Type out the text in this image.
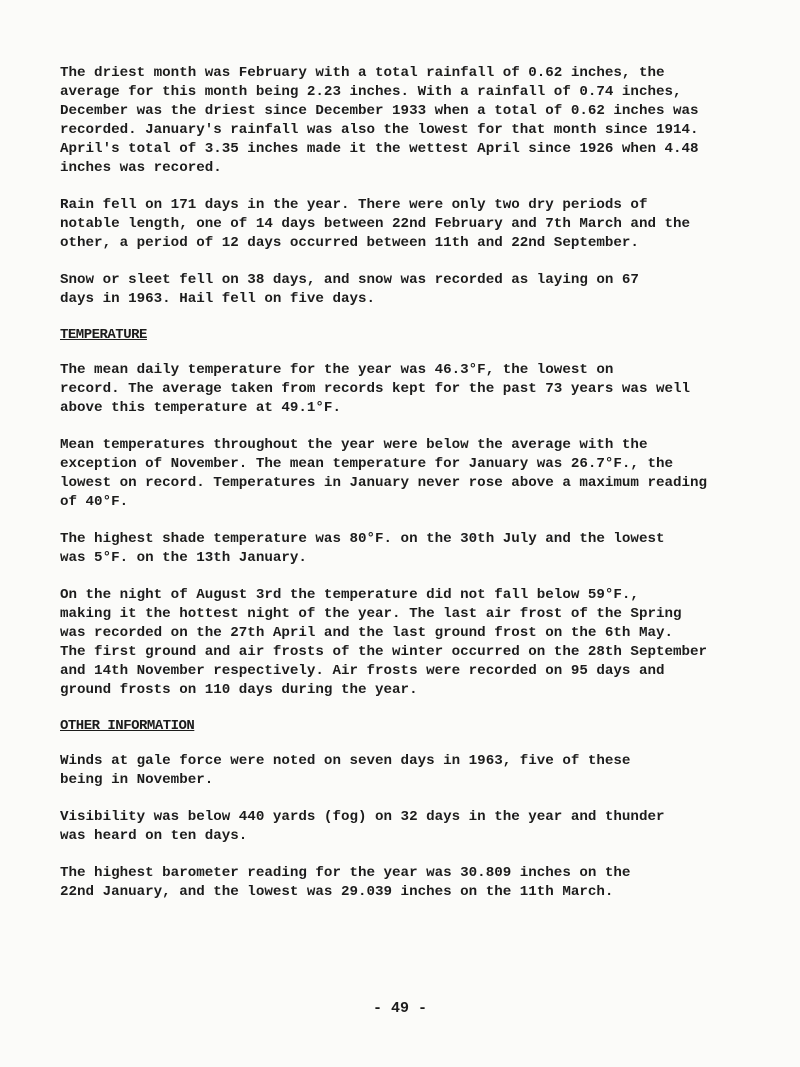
The driest month was February with a total rainfall of 0.62 inches, the
average for this month being 2.23 inches. With a rainfall of 0.74 inches,
December was the driest since December 1933 when a total of 0.62 inches was
recorded. January's rainfall was also the lowest for that month since 1914.
April's total of 3.35 inches made it the wettest April since 1926 when 4.48
inches was recored.

Rain fell on 171 days in the year. There were only two dry periods of
notable length, one of 14 days between 22nd February and 7th March and the
other, a period of 12 days occurred between 11th and 22nd September.

Snow or sleet fell on 38 days, and snow was recorded as laying on 67
days in 1963. Hail fell on five days.

TEMPERATURE

The mean daily temperature for the year was 46.3°F, the lowest on
record. The average taken from records kept for the past 73 years was well
above this temperature at 49.1°F.

Mean temperatures throughout the year were below the average with the
exception of November. The mean temperature for January was 26.7°F., the
lowest on record. Temperatures in January never rose above a maximum reading
of 40°F.

The highest shade temperature was 80°F. on the 30th July and the lowest
was 5°F. on the 13th January.

On the night of August 3rd the temperature did not fall below 59°F.,
making it the hottest night of the year. The last air frost of the Spring
was recorded on the 27th April and the last ground frost on the 6th May.
The first ground and air frosts of the winter occurred on the 28th September
and 14th November respectively. Air frosts were recorded on 95 days and
ground frosts on 110 days during the year.

OTHER INFORMATION

Winds at gale force were noted on seven days in 1963, five of these
being in November.

Visibility was below 440 yards (fog) on 32 days in the year and thunder
was heard on ten days.

The highest barometer reading for the year was 30.809 inches on the
22nd January, and the lowest was 29.039 inches on the 11th March.

- 49 -
